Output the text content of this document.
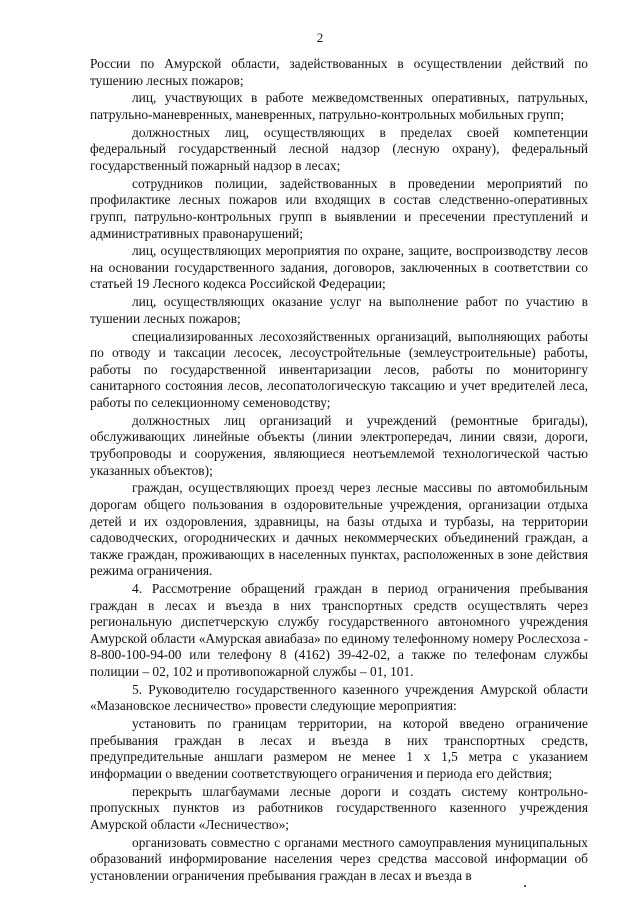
2

России по Амурской области, задействованных в осуществлении действий по тушению лесных пожаров;

лиц, участвующих в работе межведомственных оперативных, патрульных, патрульно-маневренных, маневренных, патрульно-контрольных мобильных групп;

должностных лиц, осуществляющих в пределах своей компетенции федеральный государственный лесной надзор (лесную охрану), федеральный государственный пожарный надзор в лесах;

сотрудников полиции, задействованных в проведении мероприятий по профилактике лесных пожаров или входящих в состав следственно-оперативных групп, патрульно-контрольных групп в выявлении и пресечении преступлений и административных правонарушений;

лиц, осуществляющих мероприятия по охране, защите, воспроизводству лесов на основании государственного задания, договоров, заключенных в соответствии со статьей 19 Лесного кодекса Российской Федерации;

лиц, осуществляющих оказание услуг на выполнение работ по участию в тушении лесных пожаров;

специализированных лесохозяйственных организаций, выполняющих работы по отводу и таксации лесосек, лесоустройтельные (землеустроительные) работы, работы по государственной инвентаризации лесов, работы по мониторингу санитарного состояния лесов, лесопатологическую таксацию и учет вредителей леса, работы по селекционному семеноводству;

должностных лиц организаций и учреждений (ремонтные бригады), обслуживающих линейные объекты (линии электропередач, линии связи, дороги, трубопроводы и сооружения, являющиеся неотъемлемой технологической частью указанных объектов);

граждан, осуществляющих проезд через лесные массивы по автомобильным дорогам общего пользования в оздоровительные учреждения, организации отдыха детей и их оздоровления, здравницы, на базы отдыха и турбазы, на территории садоводческих, огороднических и дачных некоммерческих объединений граждан, а также граждан, проживающих в населенных пунктах, расположенных в зоне действия режима ограничения.

4. Рассмотрение обращений граждан в период ограничения пребывания граждан в лесах и въезда в них транспортных средств осуществлять через региональную диспетчерскую службу государственного автономного учреждения Амурской области «Амурская авиабаза» по единому телефонному номеру Рослесхоза - 8-800-100-94-00 или телефону 8 (4162) 39-42-02, а также по телефонам службы полиции – 02, 102 и противопожарной службы – 01, 101.

5. Руководителю государственного казенного учреждения Амурской области «Мазановское лесничество» провести следующие мероприятия:

установить по границам территории, на которой введено ограничение пребывания граждан в лесах и въезда в них транспортных средств, предупредительные аншлаги размером не менее 1 х 1,5 метра с указанием информации о введении соответствующего ограничения и периода его действия;

перекрыть шлагбаумами лесные дороги и создать систему контрольно-пропускных пунктов из работников государственного казенного учреждения Амурской области «Лесничество»;

организовать совместно с органами местного самоуправления муниципальных образований информирование населения через средства массовой информации об установлении ограничения пребывания граждан в лесах и въезда в
